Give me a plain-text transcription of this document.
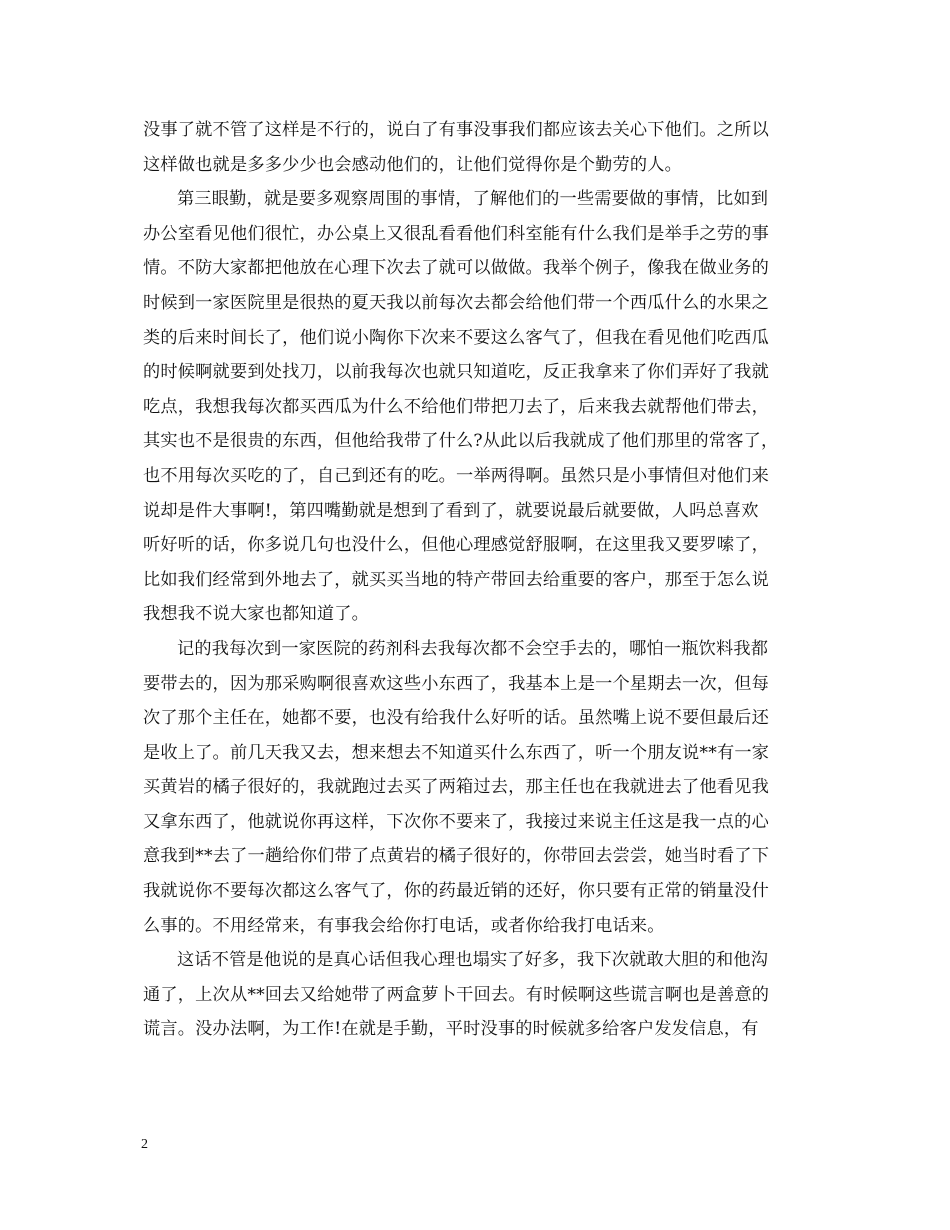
没事了就不管了这样是不行的，说白了有事没事我们都应该去关心下他们。之所以
这样做也就是多多少少也会感动他们的，让他们觉得你是个勤劳的人。
第三眼勤，就是要多观察周围的事情，了解他们的一些需要做的事情，比如到
办公室看见他们很忙，办公桌上又很乱看看他们科室能有什么我们是举手之劳的事
情。不防大家都把他放在心理下次去了就可以做做。我举个例子，像我在做业务的
时候到一家医院里是很热的夏天我以前每次去都会给他们带一个西瓜什么的水果之
类的后来时间长了，他们说小陶你下次来不要这么客气了，但我在看见他们吃西瓜
的时候啊就要到处找刀，以前我每次也就只知道吃，反正我拿来了你们弄好了我就
吃点，我想我每次都买西瓜为什么不给他们带把刀去了，后来我去就帮他们带去，
其实也不是很贵的东西，但他给我带了什么?从此以后我就成了他们那里的常客了，
也不用每次买吃的了，自己到还有的吃。一举两得啊。虽然只是小事情但对他们来
说却是件大事啊!，第四嘴勤就是想到了看到了，就要说最后就要做，人吗总喜欢
听好听的话，你多说几句也没什么，但他心理感觉舒服啊，在这里我又要罗嗦了，
比如我们经常到外地去了，就买买当地的特产带回去给重要的客户，那至于怎么说
我想我不说大家也都知道了。
记的我每次到一家医院的药剂科去我每次都不会空手去的，哪怕一瓶饮料我都
要带去的，因为那采购啊很喜欢这些小东西了，我基本上是一个星期去一次，但每
次了那个主任在，她都不要，也没有给我什么好听的话。虽然嘴上说不要但最后还
是收上了。前几天我又去，想来想去不知道买什么东西了，听一个朋友说**有一家
买黄岩的橘子很好的，我就跑过去买了两箱过去，那主任也在我就进去了他看见我
又拿东西了，他就说你再这样，下次你不要来了，我接过来说主任这是我一点的心
意我到**去了一趟给你们带了点黄岩的橘子很好的，你带回去尝尝，她当时看了下
我就说你不要每次都这么客气了，你的药最近销的还好，你只要有正常的销量没什
么事的。不用经常来，有事我会给你打电话，或者你给我打电话来。
这话不管是他说的是真心话但我心理也塌实了好多，我下次就敢大胆的和他沟
通了，上次从**回去又给她带了两盒萝卜干回去。有时候啊这些谎言啊也是善意的
谎言。没办法啊，为工作!在就是手勤，平时没事的时候就多给客户发发信息，有
2
